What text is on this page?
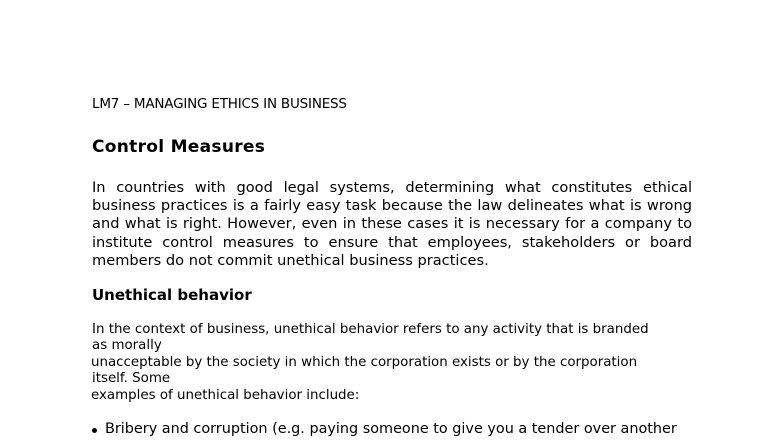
LM7 – MANAGING ETHICS IN BUSINESS
Control Measures

In countries with good legal systems, determining what constitutes ethical business practices is a fairly easy task because the law delineates what is wrong and what is right. However, even in these cases it is necessary for a company to institute control measures to ensure that employees, stakeholders or board members do not commit unethical business practices.

Unethical behavior
In the context of business, unethical behavior refers to any activity that is branded
as morally
unacceptable by the society in which the corporation exists or by the corporation
itself. Some
examples of unethical behavior include:
Bribery and corruption (e.g. paying someone to give you a tender over another
